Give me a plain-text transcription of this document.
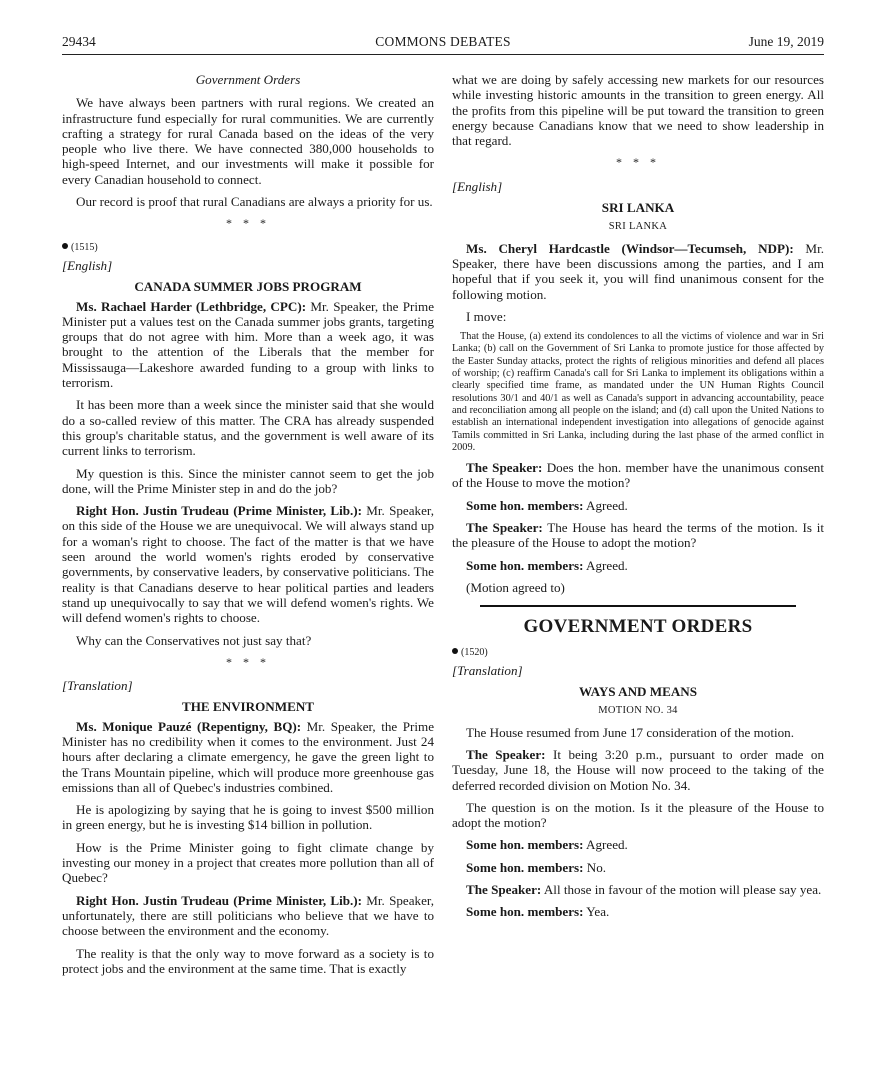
29434	COMMONS DEBATES	June 19, 2019

Government Orders

We have always been partners with rural regions. We created an infrastructure fund especially for rural communities. We are currently crafting a strategy for rural Canada based on the ideas of the very people who live there. We have connected 380,000 households to high-speed Internet, and our investments will make it possible for every Canadian household to connect.

Our record is proof that rural Canadians are always a priority for us.

* * *

(1515)

[English]

CANADA SUMMER JOBS PROGRAM

Ms. Rachael Harder (Lethbridge, CPC): Mr. Speaker, the Prime Minister put a values test on the Canada summer jobs grants, targeting groups that do not agree with him. More than a week ago, it was brought to the attention of the Liberals that the member for Mississauga—Lakeshore awarded funding to a group with links to terrorism.

It has been more than a week since the minister said that she would do a so-called review of this matter. The CRA has already suspended this group's charitable status, and the government is well aware of its current links to terrorism.

My question is this. Since the minister cannot seem to get the job done, will the Prime Minister step in and do the job?

Right Hon. Justin Trudeau (Prime Minister, Lib.): Mr. Speaker, on this side of the House we are unequivocal. We will always stand up for a woman's right to choose. The fact of the matter is that we have seen around the world women's rights eroded by conservative governments, by conservative leaders, by conservative politicians. The reality is that Canadians deserve to hear political parties and leaders stand up unequivocally to say that we will defend women's rights. We will defend women's rights to choose.

Why can the Conservatives not just say that?

* * *

[Translation]

THE ENVIRONMENT

Ms. Monique Pauzé (Repentigny, BQ): Mr. Speaker, the Prime Minister has no credibility when it comes to the environment. Just 24 hours after declaring a climate emergency, he gave the green light to the Trans Mountain pipeline, which will produce more greenhouse gas emissions than all of Quebec's industries combined.

He is apologizing by saying that he is going to invest $500 million in green energy, but he is investing $14 billion in pollution.

How is the Prime Minister going to fight climate change by investing our money in a project that creates more pollution than all of Quebec?

Right Hon. Justin Trudeau (Prime Minister, Lib.): Mr. Speaker, unfortunately, there are still politicians who believe that we have to choose between the environment and the economy.

The reality is that the only way to move forward as a society is to protect jobs and the environment at the same time. That is exactly

what we are doing by safely accessing new markets for our resources while investing historic amounts in the transition to green energy. All the profits from this pipeline will be put toward the transition to green energy because Canadians know that we need to show leadership in that regard.

* * *

[English]

SRI LANKA

SRI LANKA

Ms. Cheryl Hardcastle (Windsor—Tecumseh, NDP): Mr. Speaker, there have been discussions among the parties, and I am hopeful that if you seek it, you will find unanimous consent for the following motion.

I move:

That the House, (a) extend its condolences to all the victims of violence and war in Sri Lanka; (b) call on the Government of Sri Lanka to promote justice for those affected by the Easter Sunday attacks, protect the rights of religious minorities and defend all places of worship; (c) reaffirm Canada's call for Sri Lanka to implement its obligations within a clearly specified time frame, as mandated under the UN Human Rights Council resolutions 30/1 and 40/1 as well as Canada's support in advancing accountability, peace and reconciliation among all people on the island; and (d) call upon the United Nations to establish an international independent investigation into allegations of genocide against Tamils committed in Sri Lanka, including during the last phase of the armed conflict in 2009.

The Speaker: Does the hon. member have the unanimous consent of the House to move the motion?

Some hon. members: Agreed.

The Speaker: The House has heard the terms of the motion. Is it the pleasure of the House to adopt the motion?

Some hon. members: Agreed.

(Motion agreed to)

GOVERNMENT ORDERS

(1520)

[Translation]

WAYS AND MEANS

MOTION NO. 34

The House resumed from June 17 consideration of the motion.

The Speaker: It being 3:20 p.m., pursuant to order made on Tuesday, June 18, the House will now proceed to the taking of the deferred recorded division on Motion No. 34.

The question is on the motion. Is it the pleasure of the House to adopt the motion?

Some hon. members: Agreed.

Some hon. members: No.

The Speaker: All those in favour of the motion will please say yea.

Some hon. members: Yea.
